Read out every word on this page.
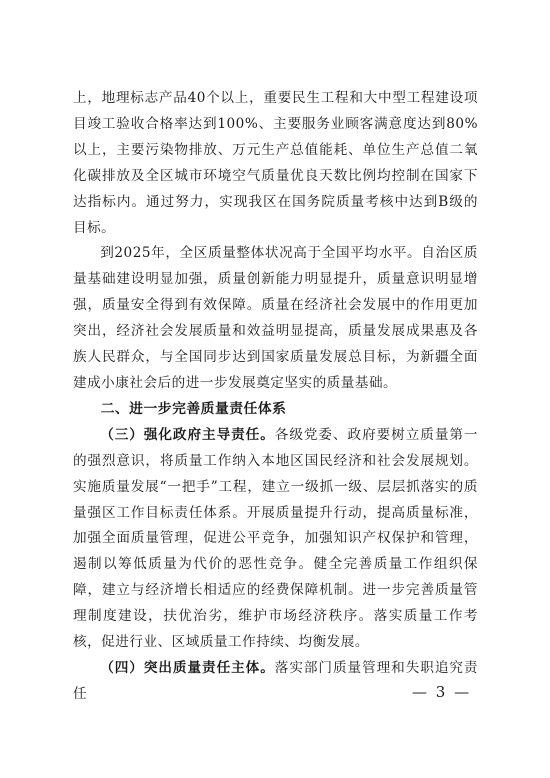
上，地理标志产品40个以上，重要民生工程和大中型工程建设项目竣工验收合格率达到100%、主要服务业顾客满意度达到80%以上，主要污染物排放、万元生产总值能耗、单位生产总值二氧化碳排放及全区城市环境空气质量优良天数比例均控制在国家下达指标内。通过努力，实现我区在国务院质量考核中达到B级的目标。

到2025年，全区质量整体状况高于全国平均水平。自治区质量基础建设明显加强，质量创新能力明显提升，质量意识明显增强，质量安全得到有效保障。质量在经济社会发展中的作用更加突出，经济社会发展质量和效益明显提高，质量发展成果惠及各族人民群众，与全国同步达到国家质量发展总目标，为新疆全面建成小康社会后的进一步发展奠定坚实的质量基础。

二、进一步完善质量责任体系

（三）强化政府主导责任。各级党委、政府要树立质量第一的强烈意识，将质量工作纳入本地区国民经济和社会发展规划。实施质量发展“一把手”工程，建立一级抓一级、层层抓落实的质量强区工作目标责任体系。开展质量提升行动，提高质量标准，加强全面质量管理，促进公平竞争，加强知识产权保护和管理，遏制以筹低质量为代价的恶性竞争。健全完善质量工作组织保障，建立与经济增长相适应的经费保障机制。进一步完善质量管理制度建设，扶优治劣，维护市场经济秩序。落实质量工作考核，促进行业、区域质量工作持续、均衡发展。

（四）突出质量责任主体。落实部门质量管理和失职追究责任	— 3 —
